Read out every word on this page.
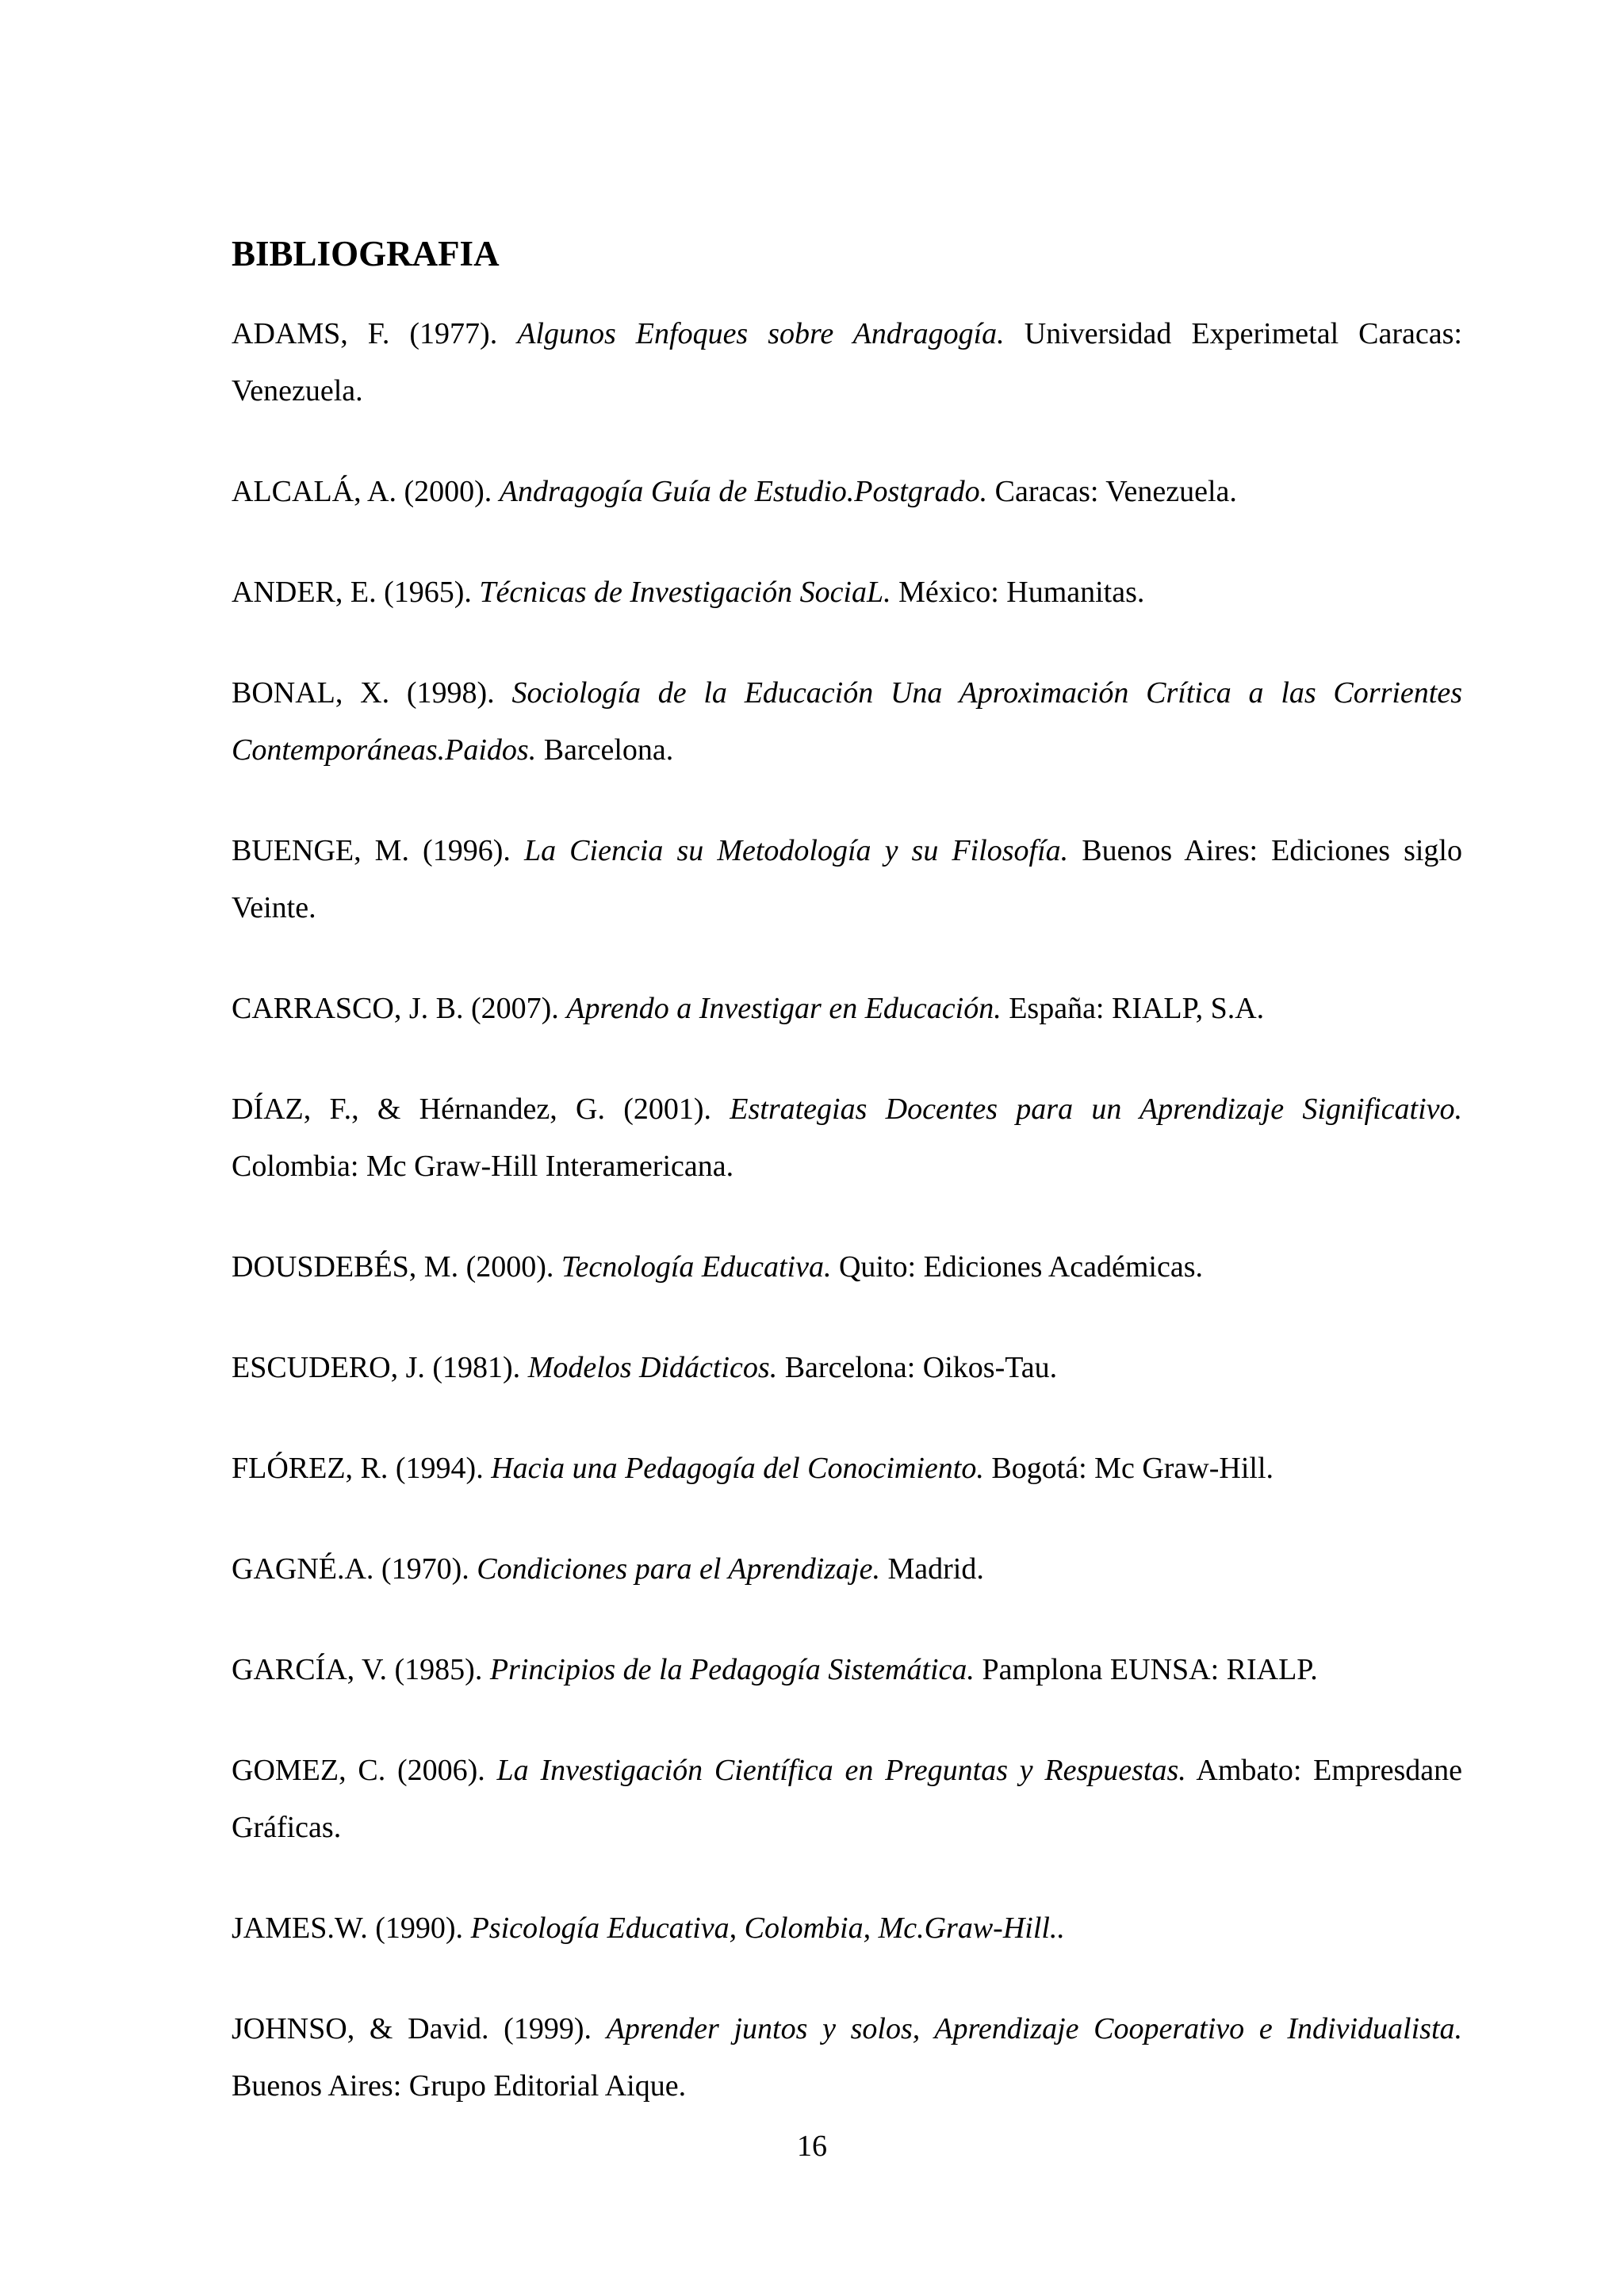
BIBLIOGRAFIA

ADAMS, F. (1977). Algunos Enfoques sobre Andragogía. Universidad Experimetal Caracas: Venezuela.

ALCALÁ, A. (2000). Andragogía Guía de Estudio.Postgrado. Caracas: Venezuela.

ANDER, E. (1965). Técnicas de Investigación SociaL. México: Humanitas.

BONAL, X. (1998). Sociología de la Educación Una Aproximación Crítica a las Corrientes Contemporáneas.Paidos. Barcelona.

BUENGE, M. (1996). La Ciencia su Metodología y su Filosofía. Buenos Aires: Ediciones siglo Veinte.

CARRASCO, J. B. (2007). Aprendo a Investigar en Educación. España: RIALP, S.A.

DÍAZ, F., & Hérnandez, G. (2001). Estrategias Docentes para un Aprendizaje Significativo. Colombia: Mc Graw-Hill Interamericana.

DOUSDEBÉS, M. (2000). Tecnología Educativa. Quito: Ediciones Académicas.

ESCUDERO, J. (1981). Modelos Didácticos. Barcelona: Oikos-Tau.

FLÓREZ, R. (1994). Hacia una Pedagogía del Conocimiento. Bogotá: Mc Graw-Hill.

GAGNÉ.A. (1970). Condiciones para el Aprendizaje. Madrid.

GARCÍA, V. (1985). Principios de la Pedagogía Sistemática. Pamplona EUNSA: RIALP.

GOMEZ, C. (2006). La Investigación Científica en Preguntas y Respuestas. Ambato: Empresdane Gráficas.

JAMES.W. (1990). Psicología Educativa, Colombia, Mc.Graw-Hill..

JOHNSO, & David. (1999). Aprender juntos y solos, Aprendizaje Cooperativo e Individualista. Buenos Aires: Grupo Editorial Aique.

16
